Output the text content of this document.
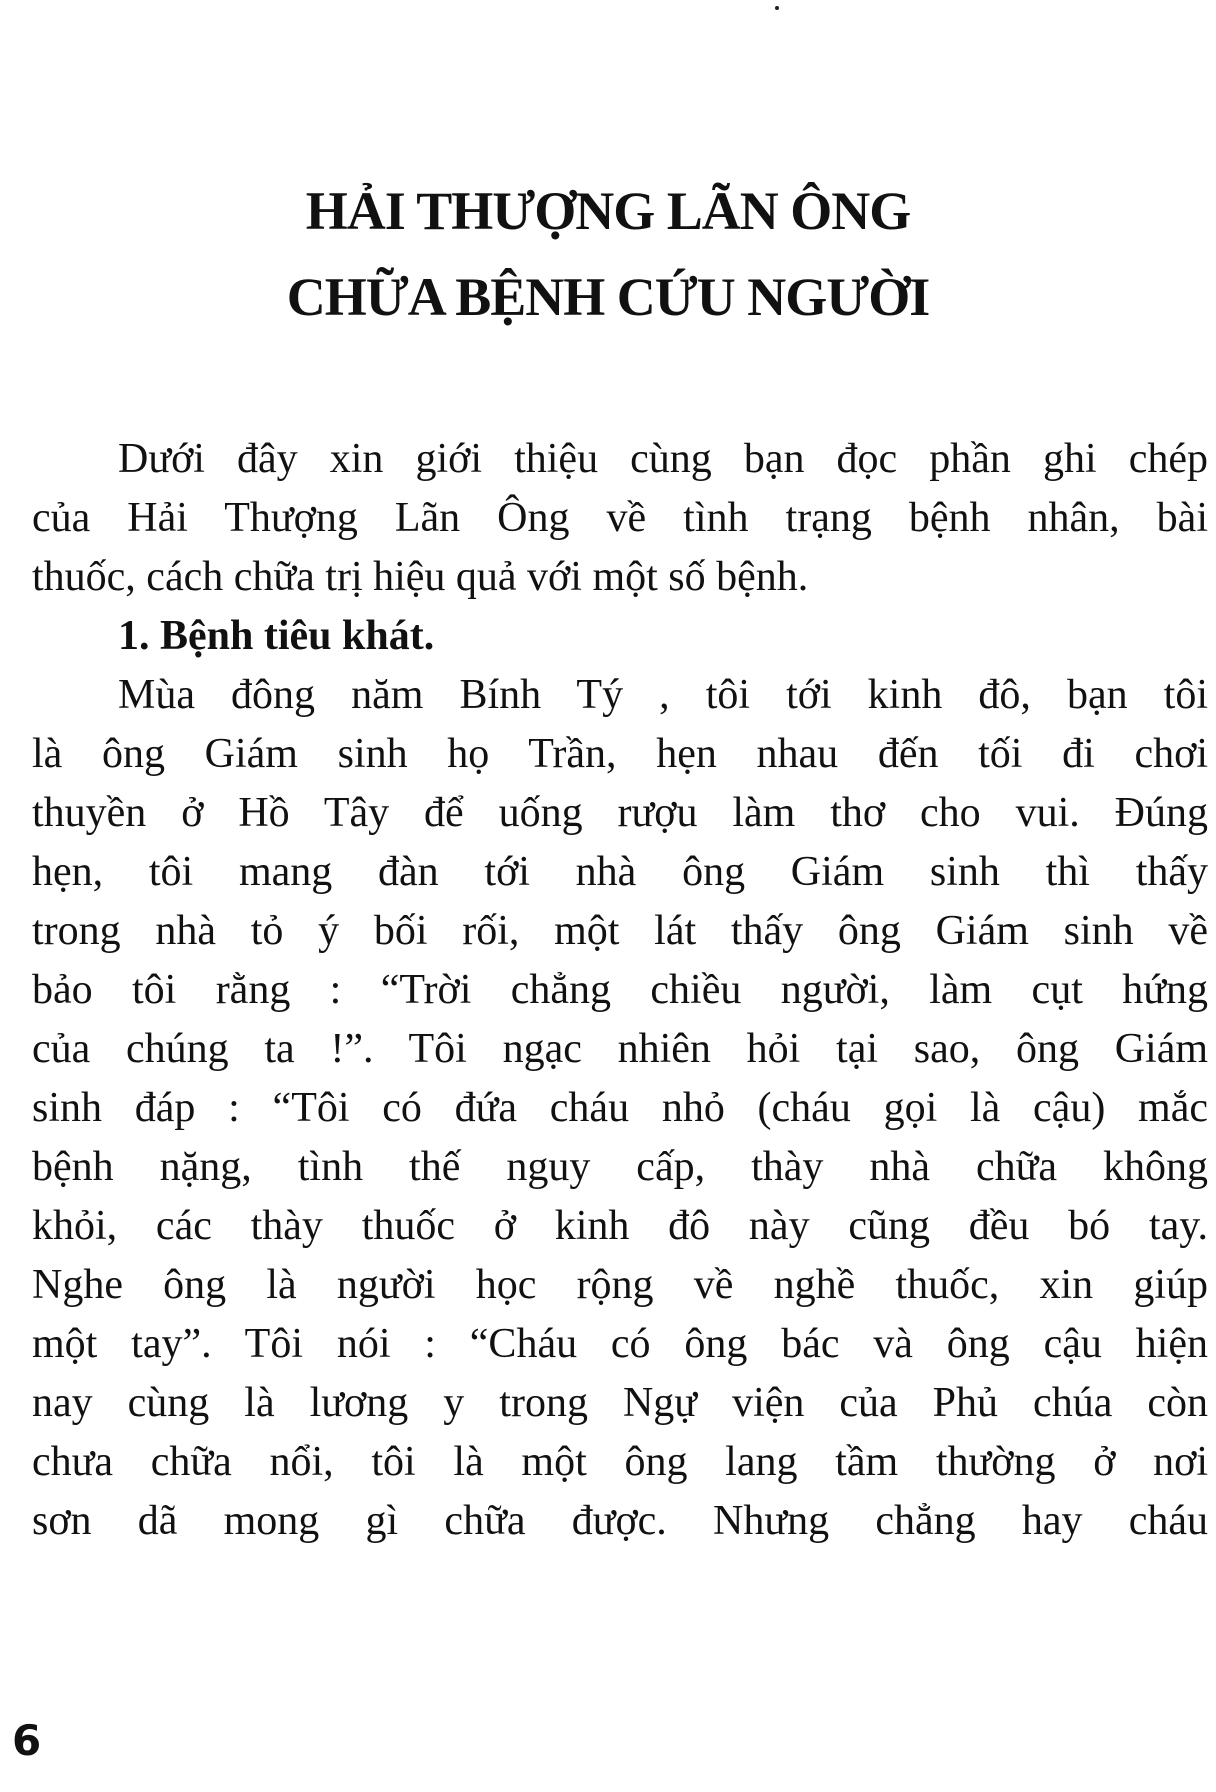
HẢI THƯỢNG LÃN ÔNG
CHỮA BỆNH CỨU NGƯỜI
Dưới đây xin giới thiệu cùng bạn đọc phần ghi chép
của Hải Thượng Lãn Ông về tình trạng bệnh nhân, bài
thuốc, cách chữa trị hiệu quả với một số bệnh.
1. Bệnh tiêu khát.
Mùa đông năm Bính Tý , tôi tới kinh đô, bạn tôi
là ông Giám sinh họ Trần, hẹn nhau đến tối đi chơi
thuyền ở Hồ Tây để uống rượu làm thơ cho vui. Đúng
hẹn, tôi mang đàn tới nhà ông Giám sinh thì thấy
trong nhà tỏ ý bối rối, một lát thấy ông Giám sinh về
bảo tôi rằng : “Trời chẳng chiều người, làm cụt hứng
của chúng ta !”. Tôi ngạc nhiên hỏi tại sao, ông Giám
sinh đáp : “Tôi có đứa cháu nhỏ (cháu gọi là cậu) mắc
bệnh nặng, tình thế nguy cấp, thày nhà chữa không
khỏi, các thày thuốc ở kinh đô này cũng đều bó tay.
Nghe ông là người học rộng về nghề thuốc, xin giúp
một tay”. Tôi nói : “Cháu có ông bác và ông cậu hiện
nay cùng là lương y trong Ngự viện của Phủ chúa còn
chưa chữa nổi, tôi là một ông lang tầm thường ở nơi
sơn dã mong gì chữa được. Nhưng chẳng hay cháu
6
